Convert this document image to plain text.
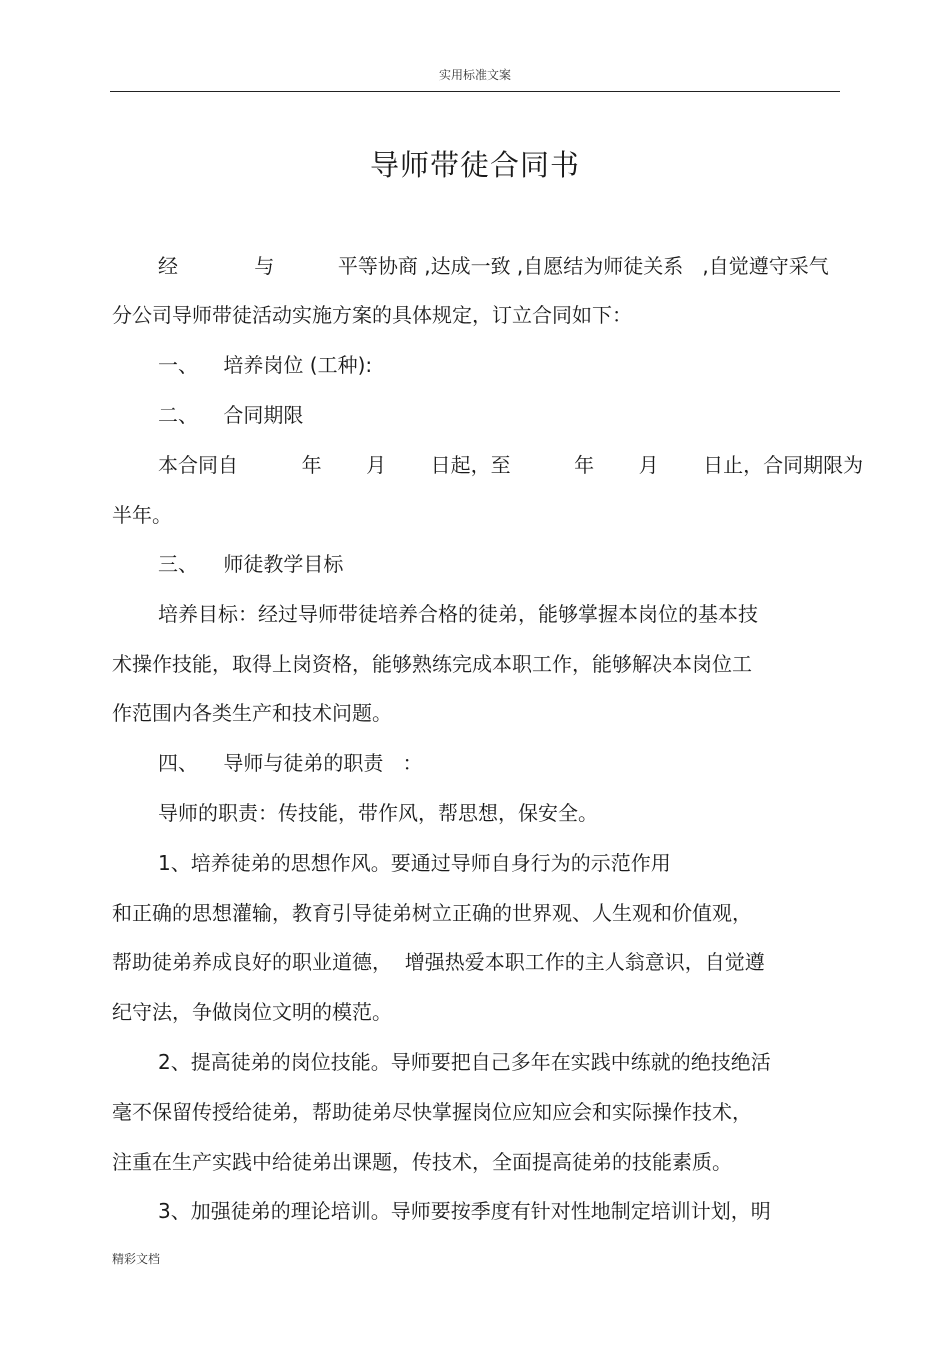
实用标准文案
导师带徒合同书
经            与          平等协商 ,达成一致 ,自愿结为师徒关系   ,自觉遵守采气
分公司导师带徒活动实施方案的具体规定，订立合同如下：
一、    培养岗位 (工种):
二、    合同期限
本合同自          年       月       日起，至          年       月       日止，合同期限为
半年。
三、    师徒教学目标
培养目标：经过导师带徒培养合格的徒弟，能够掌握本岗位的基本技
术操作技能，取得上岗资格，能够熟练完成本职工作，能够解决本岗位工
作范围内各类生产和技术问题。
四、    导师与徒弟的职责   ：
导师的职责：传技能，带作风，帮思想，保安全。
1、培养徒弟的思想作风。要通过导师自身行为的示范作用
和正确的思想灌输，教育引导徒弟树立正确的世界观、人生观和价值观，
帮助徒弟养成良好的职业道德，  增强热爱本职工作的主人翁意识，自觉遵
纪守法，争做岗位文明的模范。
2、提高徒弟的岗位技能。导师要把自己多年在实践中练就的绝技绝活
毫不保留传授给徒弟，帮助徒弟尽快掌握岗位应知应会和实际操作技术，
注重在生产实践中给徒弟出课题，传技术，全面提高徒弟的技能素质。
3、加强徒弟的理论培训。导师要按季度有针对性地制定培训计划，明
精彩文档
